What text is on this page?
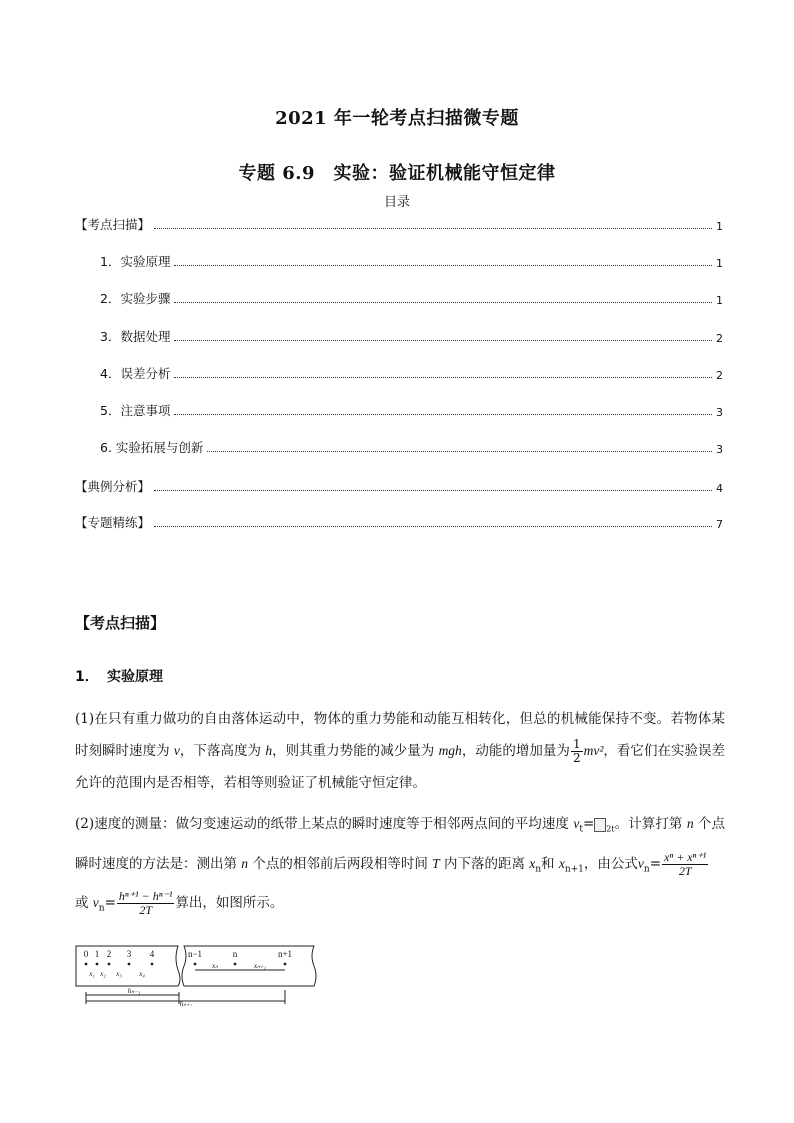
2021 年一轮考点扫描微专题
专题 6.9　实验：验证机械能守恒定律
目录
【考点扫描】	1
1．实验原理	1
2．实验步骤	1
3．数据处理	2
4．误差分析	2
5．注意事项	3
6. 实验拓展与创新	3
【典例分析】	4
【专题精练】	7
【考点扫描】
1． 实验原理
(1)在只有重力做功的自由落体运动中，物体的重力势能和动能互相转化，但总的机械能保持不变。若物体某时刻瞬时速度为 v，下落高度为 h，则其重力势能的减少量为 mgh，动能的增加量为 $\frac{1}{2} mv^2$，看它们在实验误差允许的范围内是否相等，若相等则验证了机械能守恒定律。
(2)速度的测量：做匀变速运动的纸带上某点的瞬时速度等于相邻两点间的平均速度 $v_t= _{2t}$。计算打第 n 个点瞬时速度的方法是：测出第 n 个点的相邻前后两段相等时间 T 内下落的距离 $x_n$和 $x_{n+1}$，由公式$v_n= \frac{\text{xⁿ + xⁿ⁺¹}}{2T}$

或 $v_n= \frac{\text{hⁿ⁺¹ − hⁿ⁻¹}}{2T}$ 算出，如图所示。
0 1 2 3 4	n−1	n	n+1
x₁ x₂ x₃ x₄
xₙ	xₙ₊₁
hₙ₋₁
hₙ₊₁
